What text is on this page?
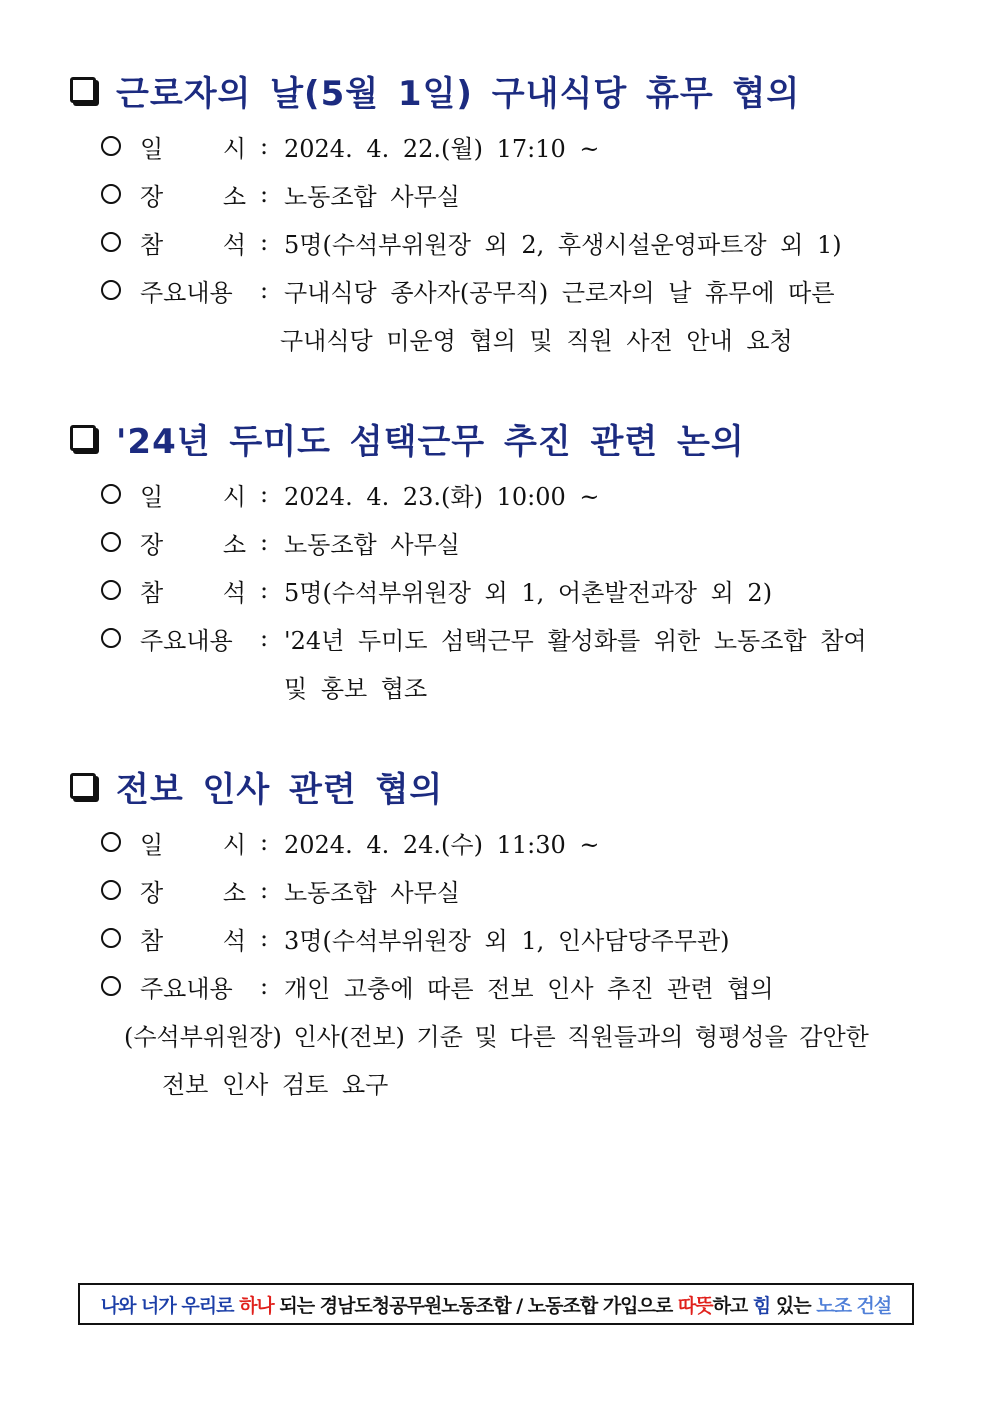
근로자의 날(5월 1일) 구내식당 휴무 협의
일 시 : 2024. 4. 22.(월) 17:10 ~
장 소 : 노동조합 사무실
참 석 : 5명(수석부위원장 외 2, 후생시설운영파트장 외 1)
주요내용	: 구내식당 종사자(공무직) 근로자의 날 휴무에 따른
구내식당 미운영 협의 및 직원 사전 안내 요청
'24년 두미도 섬택근무 추진 관련 논의
일 시 : 2024. 4. 23.(화) 10:00 ~
장 소 : 노동조합 사무실
참 석 : 5명(수석부위원장 외 1, 어촌발전과장 외 2)
주요내용	: '24년 두미도 섬택근무 활성화를 위한 노동조합 참여
및 홍보 협조
전보 인사 관련 협의
일 시 : 2024. 4. 24.(수) 11:30 ~
장 소 : 노동조합 사무실
참 석 : 3명(수석부위원장 외 1, 인사담당주무관)
주요내용	: 개인 고충에 따른 전보 인사 추진 관련 협의
(수석부위원장) 인사(전보) 기준 및 다른 직원들과의 형평성을 감안한
전보 인사 검토 요구
나와 너가 우리로 하나 되는 경남도청공무원노동조합 / 노동조합 가입으로 따뜻 하고 힘 있는 노조 건설
